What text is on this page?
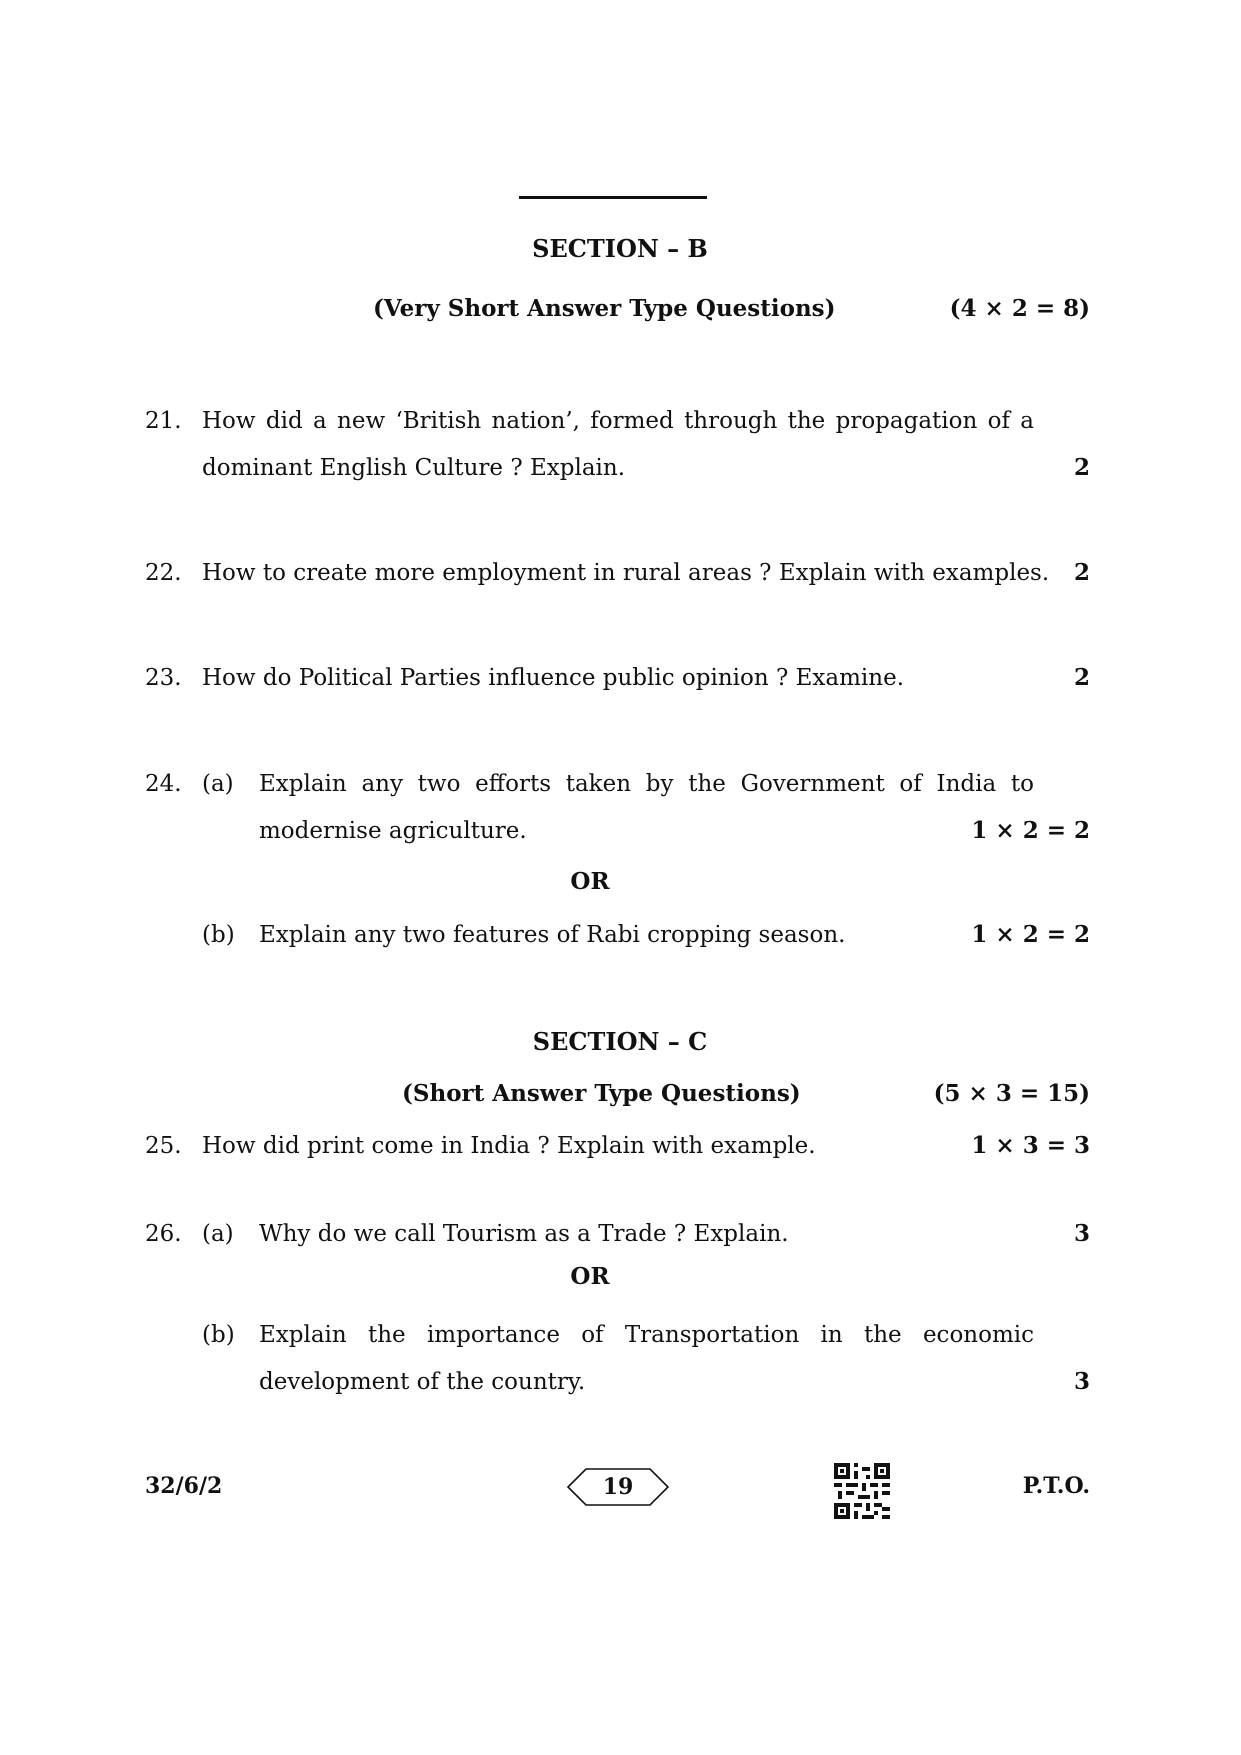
SECTION – B
(Very Short Answer Type Questions)	(4 × 2 = 8)
21. How did a new ‘British nation’, formed through the propagation of a
dominant English Culture ? Explain.	2
22. How to create more employment in rural areas ? Explain with examples.	2
23. How do Political Parties influence public opinion ? Examine.	2
24. (a) Explain any two efforts taken by the Government of India to
modernise agriculture.	1 × 2 = 2
OR
(b) Explain any two features of Rabi cropping season.	1 × 2 = 2
SECTION – C
(Short Answer Type Questions)	(5 × 3 = 15)
25. How did print come in India ? Explain with example.	1 × 3 = 3
26. (a) Why do we call Tourism as a Trade ? Explain.	3
OR
(b) Explain the importance of Transportation in the economic
development of the country.	3
32/6/2	19	P.T.O.
